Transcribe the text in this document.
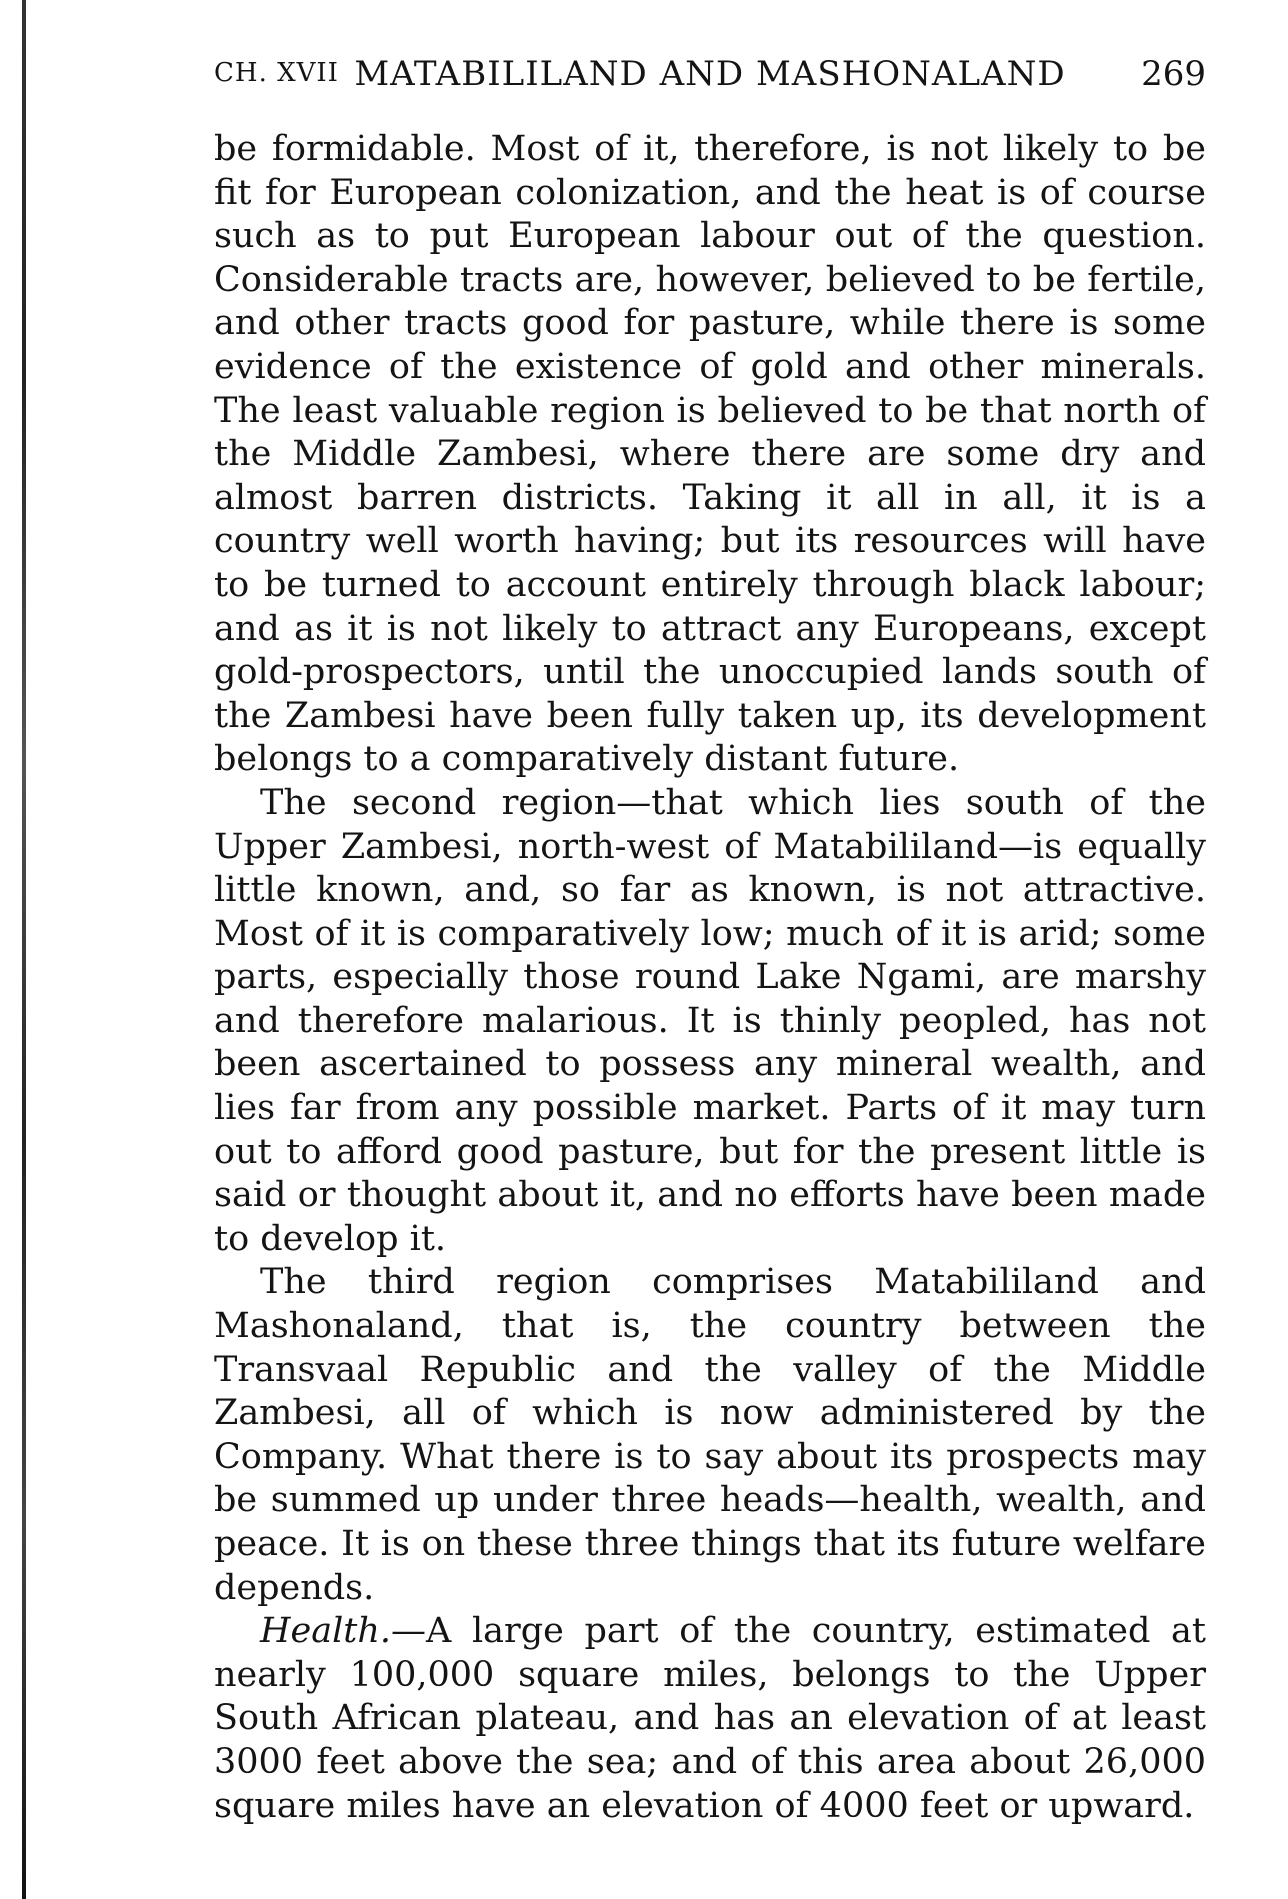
MATABILILAND AND MASHONALAND
CH. XVII	269

be formidable. Most of it, therefore, is not likely to be fit for European colonization, and the heat is of course such as to put European labour out of the question. Considerable tracts are, however, believed to be fertile, and other tracts good for pasture, while there is some evidence of the existence of gold and other minerals. The least valuable region is believed to be that north of the Middle Zambesi, where there are some dry and almost barren districts. Taking it all in all, it is a country well worth having; but its resources will have to be turned to account entirely through black labour; and as it is not likely to attract any Europeans, except gold-prospectors, until the unoccupied lands south of the Zambesi have been fully taken up, its development belongs to a comparatively distant future.

The second region—that which lies south of the Upper Zambesi, north-west of Matabililand—is equally little known, and, so far as known, is not attractive. Most of it is comparatively low; much of it is arid; some parts, especially those round Lake Ngami, are marshy and therefore malarious. It is thinly peopled, has not been ascertained to possess any mineral wealth, and lies far from any possible market. Parts of it may turn out to afford good pasture, but for the present little is said or thought about it, and no efforts have been made to develop it.

The third region comprises Matabililand and Mashonaland, that is, the country between the Transvaal Republic and the valley of the Middle Zambesi, all of which is now administered by the Company. What there is to say about its prospects may be summed up under three heads—health, wealth, and peace. It is on these three things that its future welfare depends.

Health.—A large part of the country, estimated at nearly 100,000 square miles, belongs to the Upper South African plateau, and has an elevation of at least 3000 feet above the sea; and of this area about 26,000 square miles have an elevation of 4000 feet or upward.
